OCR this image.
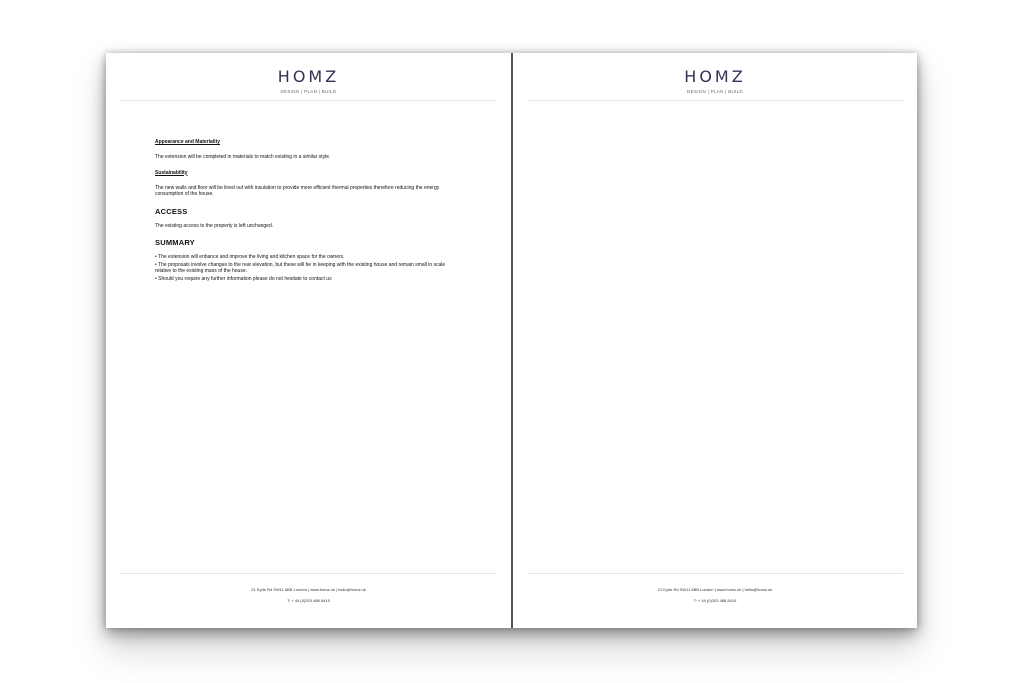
HOMZ
DESIGN | PLAN | BUILD
Appearance and Materiality
The extension will be completed in materials to match existing in a similar style.
Sustainability
The new walls and floor will be lined out with insulation to provide more efficient thermal properties therefore reducing the energy consumption of the house.
ACCESS
The existing access to the property is left unchanged.
SUMMARY
• The extension will enhance and improve the living and kitchen space for the owners.
• The proposals involve changes to the rear elevation, but these will be in keeping with the existing house and remain small in scale relative to the existing mass of the house.
• Should you require any further information please do not hesitate to contact us
21 Kyrle Rd SW11 6BB London | www.homz.uk | hello@homz.uk
T: + 44 (0)203 488 8415
HOMZ
DESIGN | PLAN | BUILD
21 Kyrle Rd SW11 6BB London | www.homz.uk | hello@homz.uk
T: + 44 (0)203 488 8415
